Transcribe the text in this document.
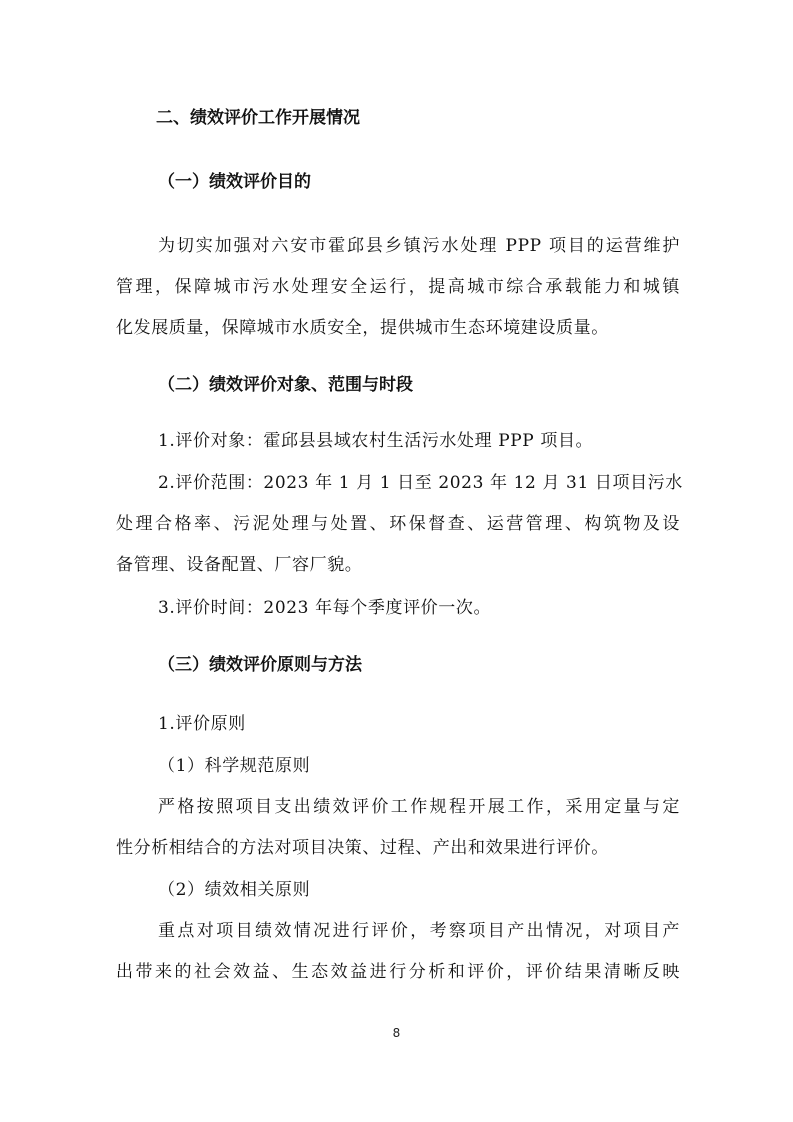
二、绩效评价工作开展情况

（一）绩效评价目的

为切实加强对六安市霍邱县乡镇污水处理 PPP 项目的运营维护

管理，保障城市污水处理安全运行，提高城市综合承载能力和城镇

化发展质量，保障城市水质安全，提供城市生态环境建设质量。

（二）绩效评价对象、范围与时段

1.评价对象：霍邱县县域农村生活污水处理 PPP 项目。

2.评价范围：2023 年 1 月 1 日至 2023 年 12 月 31 日项目污水

处理合格率、污泥处理与处置、环保督查、运营管理、构筑物及设

备管理、设备配置、厂容厂貌。

3.评价时间：2023 年每个季度评价一次。

（三）绩效评价原则与方法

1.评价原则

（1）科学规范原则

严格按照项目支出绩效评价工作规程开展工作，采用定量与定

性分析相结合的方法对项目决策、过程、产出和效果进行评价。

（2）绩效相关原则

重点对项目绩效情况进行评价，考察项目产出情况，对项目产

出带来的社会效益、生态效益进行分析和评价，评价结果清晰反映

8
